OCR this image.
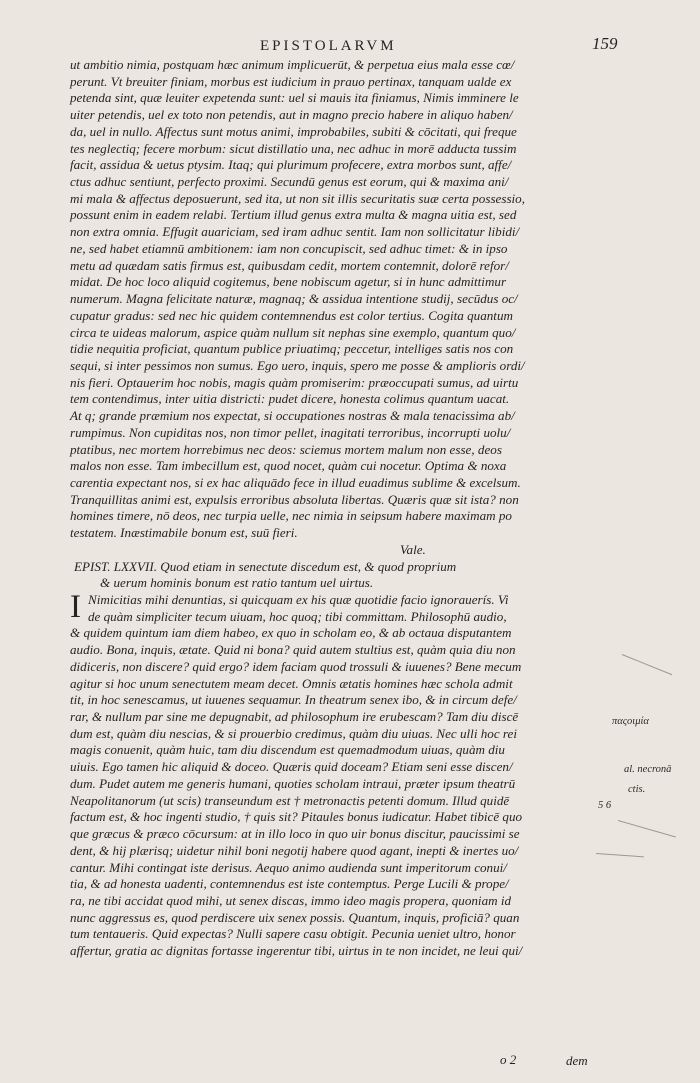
EPISTOLARVM	159
ut ambitio nimia, postquam hæc animum implicuerūt, & perpetua eius mala esse cœ/
perunt. Vt breuiter finiam, morbus est iudicium in prauo pertinax, tanquam ualde ex
petenda sint, quæ leuiter expetenda sunt: uel si mauis ita finiamus, Nimis imminere le
uiter petendis, uel ex toto non petendis, aut in magno precio habere in aliquo haben/
da, uel in nullo. Affectus sunt motus animi, improbabiles, subiti & cōcitati, qui freque
tes neglectiq; fecere morbum: sicut distillatio una, nec adhuc in morē adducta tussim
facit, assidua & uetus ptysim. Itaq; qui plurimum profecere, extra morbos sunt, affe/
ctus adhuc sentiunt, perfecto proximi. Secundū genus est eorum, qui & maxima ani/
mi mala & affectus deposuerunt, sed ita, ut non sit illis securitatis suæ certa possessio,
possunt enim in eadem relabi. Tertium illud genus extra multa & magna uitia est, sed
non extra omnia. Effugit auariciam, sed iram adhuc sentit. Iam non sollicitatur libidi/
ne, sed habet etiamnū ambitionem: iam non concupiscit, sed adhuc timet: & in ipso
metu ad quædam satis firmus est, quibusdam cedit, mortem contemnit, dolorē refor/
midat. De hoc loco aliquid cogitemus, bene nobiscum agetur, si in hunc admittimur
numerum. Magna felicitate naturæ, magnaq; & assidua intentione studij, secūdus oc/
cupatur gradus: sed nec hic quidem contemnendus est color tertius. Cogita quantum
circa te uideas malorum, aspice quàm nullum sit nephas sine exemplo, quantum quo/
tidie nequitia proficiat, quantum publice priuatimq; peccetur, intelliges satis nos con
sequi, si inter pessimos non sumus. Ego uero, inquis, spero me posse & amplioris ordi/
nis fieri. Optauerim hoc nobis, magis quàm promiserim: præoccupati sumus, ad uirtu
tem contendimus, inter uitia districti: pudet dicere, honesta colimus quantum uacat.
At q; grande præmium nos expectat, si occupationes nostras & mala tenacissima ab/
rumpimus. Non cupiditas nos, non timor pellet, inagitati terroribus, incorrupti uolu/
ptatibus, nec mortem horrebimus nec deos: sciemus mortem malum non esse, deos
malos non esse. Tam imbecillum est, quod nocet, quàm cui nocetur. Optima & noxa
carentia expectant nos, si ex hac aliquādo fece in illud euadimus sublime & excelsum.
Tranquillitas animi est, expulsis erroribus absoluta libertas. Quæris quæ sit ista? non
homines timere, nō deos, nec turpia uelle, nec nimia in seipsum habere maximam po
testatem. Inæstimabile bonum est, suū fieri.
Vale.
EPIST. LXXVII. Quod etiam in senectute discedum est, & quod proprium
& uerum hominis bonum est ratio tantum uel uirtus.
I Nimicitias mihi denuntias, si quicquam ex his quæ quotidie facio ignorauerís. Vi
de quàm simpliciter tecum uiuam, hoc quoq; tibi committam. Philosophū audio,
& quidem quintum iam diem habeo, ex quo in scholam eo, & ab octaua disputantem
audio. Bona, inquis, ætate. Quid ni bona? quid autem stultius est, quàm quia diu non
didiceris, non discere? quid ergo? idem faciam quod trossuli & iuuenes? Bene mecum
agitur si hoc unum senectutem meam decet. Omnis ætatis homines hæc schola admit
tit, in hoc senescamus, ut iuuenes sequamur. In theatrum senex ibo, & in circum defe/
rar, & nullum par sine me depugnabit, ad philosophum ire erubescam? Tam diu discē
dum est, quàm diu nescias, & si prouerbio credimus, quàm diu uiuas. Nec ulli hoc rei
magis conuenit, quàm huic, tam diu discendum est quemadmodum uiuas, quàm diu
uiuis. Ego tamen hic aliquid & doceo. Quæris quid doceam? Etiam seni esse discen/
dum. Pudet autem me generis humani, quoties scholam intraui, præter ipsum theatrū
Neapolitanorum (ut scis) transeundum est † metronactis petenti domum. Illud quidē
factum est, & hoc ingenti studio, † quis sit? Pitaules bonus iudicatur. Habet tibicē quo
que græcus & præco cōcursum: at in illo loco in quo uir bonus discitur, paucissimi se
dent, & hij plærisq; uidetur nihil boni negotij habere quod agant, inepti & inertes uo/
cantur. Mihi contingat iste derisus. Aequo animo audienda sunt imperitorum conui/
tia, & ad honesta uadenti, contemnendus est iste contemptus. Perge Lucili & prope/
ra, ne tibi accidat quod mihi, ut senex discas, immo ideo magis propera, quoniam id
nunc aggressus es, quod perdiscere uix senex possis. Quantum, inquis, proficiā? quan
tum tentaueris. Quid expectas? Nulli sapere casu obtigit. Pecunia ueniet ultro, honor
affertur, gratia ac dignitas fortasse ingerentur tibi, uirtus in te non incidet, ne leui qui/
παςοιμία
al. necronā
ctis.
5 6
o 2	dem
